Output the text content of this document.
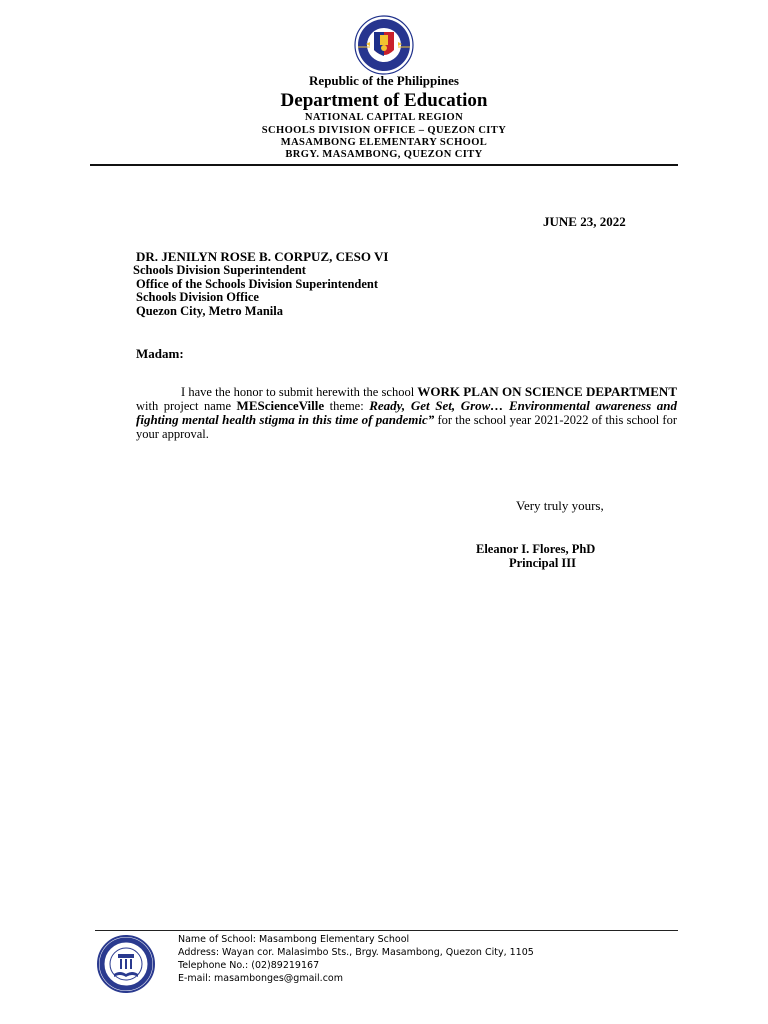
Republic of the Philippines
Department of Education
NATIONAL CAPITAL REGION
SCHOOLS DIVISION OFFICE – QUEZON CITY
MASAMBONG ELEMENTARY SCHOOL
BRGY. MASAMBONG, QUEZON CITY
JUNE 23, 2022
DR. JENILYN ROSE B. CORPUZ, CESO VI
Schools Division Superintendent
Office of the Schools Division Superintendent
Schools Division Office
Quezon City, Metro Manila
Madam:
I have the honor to submit herewith the school WORK PLAN ON SCIENCE DEPARTMENT with project name MEScienceVille theme: Ready, Get Set, Grow… Environmental awareness and fighting mental health stigma in this time of pandemic” for the school year 2021-2022 of this school for your approval.
Very truly yours,
Eleanor I. Flores, PhD
Principal III
Name of School: Masambong Elementary School
Address: Wayan cor. Malasimbo Sts., Brgy. Masambong, Quezon City, 1105
Telephone No.: (02)89219167
E-mail: masambonges@gmail.com
